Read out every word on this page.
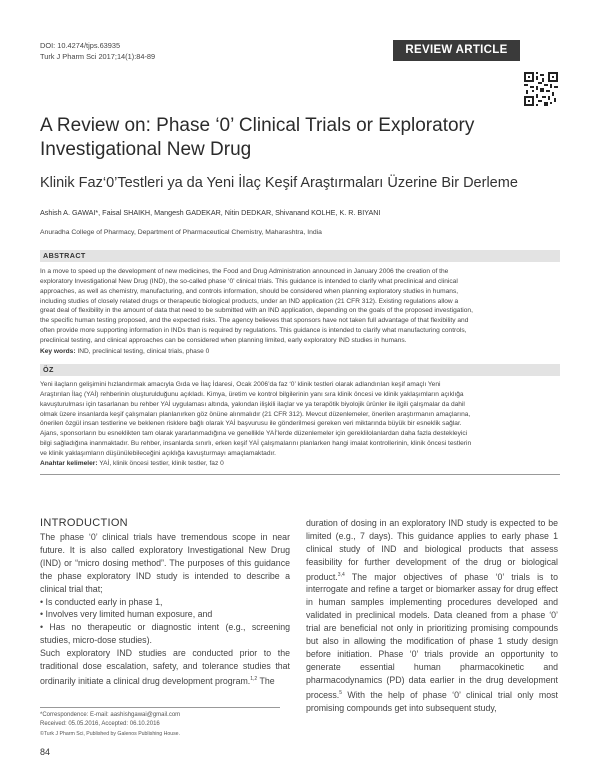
DOI: 10.4274/tjps.63935
Turk J Pharm Sci 2017;14(1):84-89
REVIEW ARTICLE
A Review on: Phase ‘0’ Clinical Trials or Exploratory
Investigational New Drug
Klinik Faz‘0’Testleri ya da Yeni İlaç Keşif Araştırmaları Üzerine Bir Derleme
Ashish A. GAWAI*, Faisal SHAIKH, Mangesh GADEKAR, Nitin DEDKAR, Shivanand KOLHE, K. R. BIYANI
Anuradha College of Pharmacy, Department of Pharmaceutical Chemistry, Maharashtra, India
ABSTRACT
In a move to speed up the development of new medicines, the Food and Drug Administration announced in January 2006 the creation of the
exploratory Investigational New Drug (IND), the so-called phase ‘0’ clinical trials. This guidance is intended to clarify what preclinical and clinical
approaches, as well as chemistry, manufacturing, and controls information, should be considered when planning exploratory studies in humans,
including studies of closely related drugs or therapeutic biological products, under an IND application (21 CFR 312). Existing regulations allow a
great deal of flexibility in the amount of data that need to be submitted with an IND application, depending on the goals of the proposed investigation,
the specific human testing proposed, and the expected risks. The agency believes that sponsors have not taken full advantage of that flexibility and
often provide more supporting information in INDs than is required by regulations. This guidance is intended to clarify what manufacturing controls,
preclinical testing, and clinical approaches can be considered when planning limited, early exploratory IND studies in humans.
Key words: IND, preclinical testing, clinical trials, phase 0
ÖZ
Yeni ilaçların gelişimini hızlandırmak amacıyla Gıda ve İlaç İdaresi, Ocak 2006’da faz ‘0’ klinik testleri olarak adlandırılan keşif amaçlı Yeni
Araştırılan İlaç (YAİ) rehberinin oluşturulduğunu açıkladı. Kimya, üretim ve kontrol bilgilerinin yanı sıra klinik öncesi ve klinik yaklaşımların açıklığa
kavuşturulması için tasarlanan bu rehber YAİ uygulaması altında, yakından ilişkili ilaçlar ve ya terapötik biyolojik ürünler ile ilgili çalışmalar da dahil
olmak üzere insanlarda keşif çalışmaları planlanırken göz önüne alınmalıdır (21 CFR 312). Mevcut düzenlemeler, önerilen araştırmanın amaçlarına,
önerilen özgül insan testlerine ve beklenen risklere bağlı olarak YAİ başvurusu ile gönderilmesi gereken veri miktarında büyük bir esneklik sağlar.
Ajans, sponsorların bu esneklikten tam olarak yararlanmadığına ve genellikle YAİ’lerde düzenlemeler için gereklilolanlardan daha fazla destekleyici
bilgi sağladığına inanmaktadır. Bu rehber, insanlarda sınırlı, erken keşif YAİ çalışmalarını planlarken hangi imalat kontrollerinin, klinik öncesi testlerin
ve klinik yaklaşımların düşünülebileceğini açıklığa kavuşturmayı amaçlamaktadır.
Anahtar kelimeler: YAİ, klinik öncesi testler, klinik testler, faz 0
INTRODUCTION

The phase ‘0’ clinical trials have tremendous scope in near future. It is also called exploratory Investigational New Drug (IND) or “micro dosing method”. The purposes of this guidance the phase exploratory IND study is intended to describe a clinical trial that;

• Is conducted early in phase 1,

• Involves very limited human exposure, and

• Has no therapeutic or diagnostic intent (e.g., screening studies, micro-dose studies).

Such exploratory IND studies are conducted prior to the traditional dose escalation, safety, and tolerance studies that ordinarily initiate a clinical drug development program.$^{1,2}$ The

duration of dosing in an exploratory IND study is expected to be limited (e.g., 7 days). This guidance applies to early phase 1 clinical study of IND and biological products that assess feasibility for further development of the drug or biological product.$^{3,4}$ The major objectives of phase ‘0’ trials is to interrogate and refine a target or biomarker assay for drug effect in human samples implementing procedures developed and validated in preclinical models. Data cleaned from a phase ‘0’ trial are beneficial not only in prioritizing promising compounds but also in allowing the modification of phase 1 study design before initiation. Phase ‘0’ trials provide an opportunity to generate essential human pharmacokinetic and pharmacodynamics (PD) data earlier in the drug development process.$^5$ With the help of phase ‘0’ clinical trial only most promising compounds get into subsequent study,

*Correspondence: E-mail: aashishgawai@gmail.com
Received: 05.05.2016, Accepted: 06.10.2016
©Turk J Pharm Sci, Published by Galenos Publishing House.
84
